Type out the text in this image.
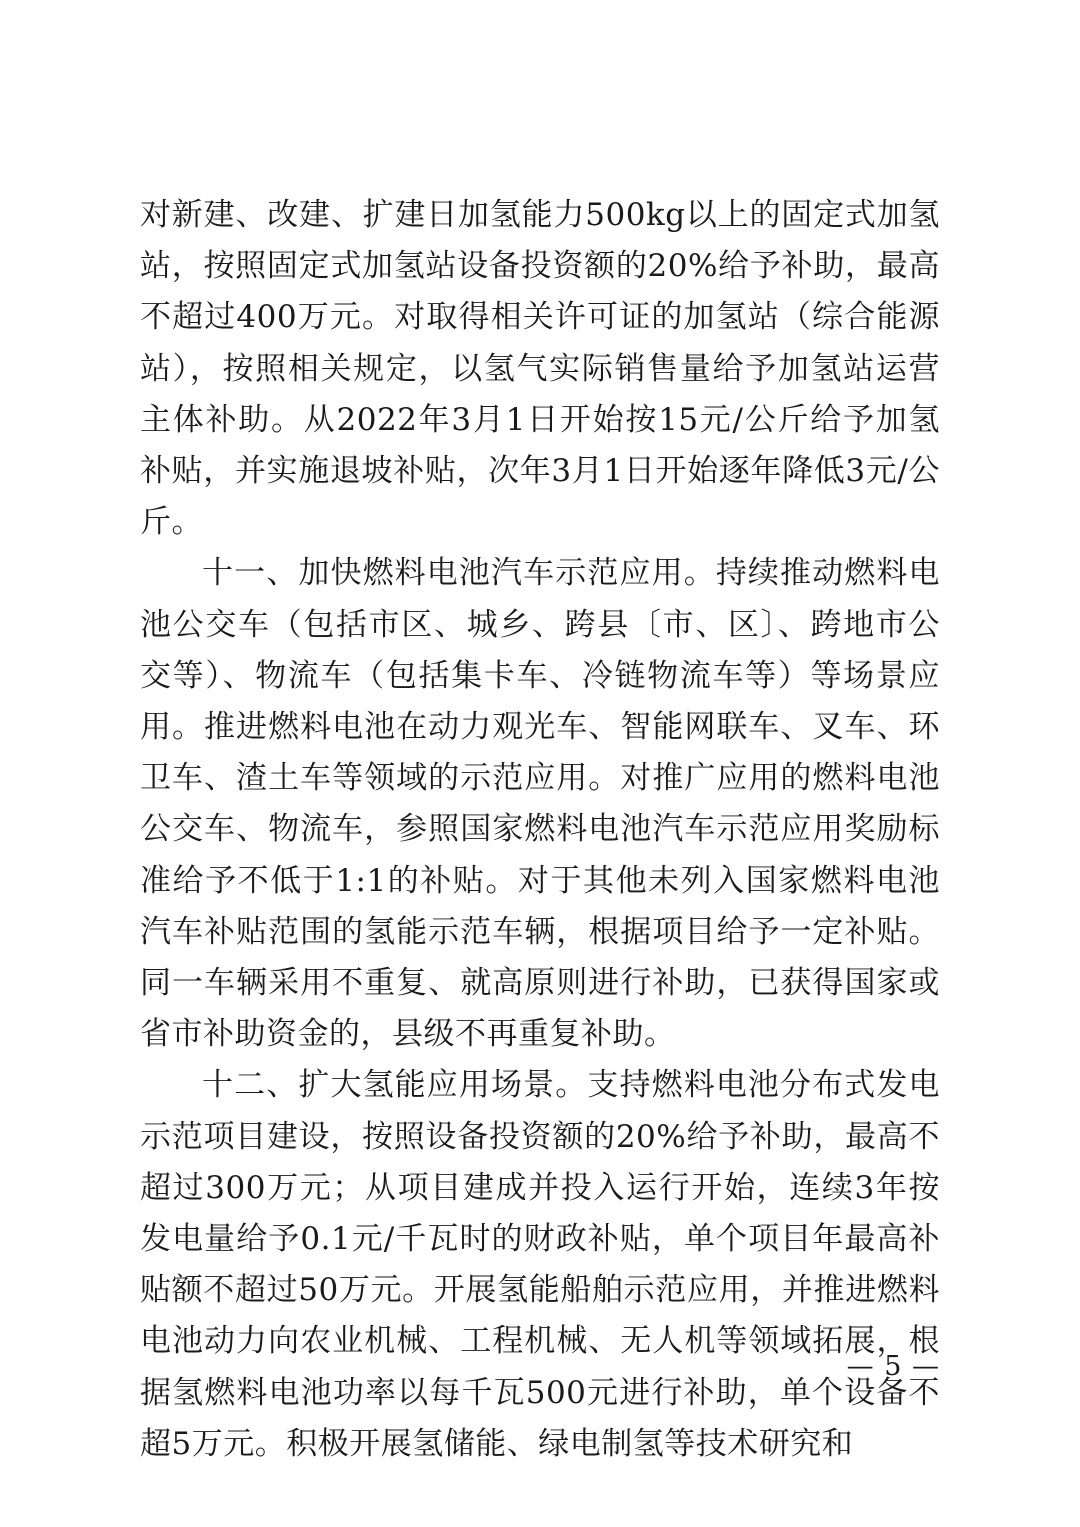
对新建、改建、扩建日加氢能力500kg以上的固定式加氢站，按照固定式加氢站设备投资额的20%给予补助，最高不超过400万元。对取得相关许可证的加氢站（综合能源站），按照相关规定，以氢气实际销售量给予加氢站运营主体补助。从2022年3月1日开始按15元/公斤给予加氢补贴，并实施退坡补贴，次年3月1日开始逐年降低3元/公斤。

十一、加快燃料电池汽车示范应用。持续推动燃料电池公交车（包括市区、城乡、跨县〔市、区〕、跨地市公交等）、物流车（包括集卡车、冷链物流车等）等场景应用。推进燃料电池在动力观光车、智能网联车、叉车、环卫车、渣土车等领域的示范应用。对推广应用的燃料电池公交车、物流车，参照国家燃料电池汽车示范应用奖励标准给予不低于1:1的补贴。对于其他未列入国家燃料电池汽车补贴范围的氢能示范车辆，根据项目给予一定补贴。同一车辆采用不重复、就高原则进行补助，已获得国家或省市补助资金的，县级不再重复补助。

十二、扩大氢能应用场景。支持燃料电池分布式发电示范项目建设，按照设备投资额的20%给予补助，最高不超过300万元；从项目建成并投入运行开始，连续3年按发电量给予0.1元/千瓦时的财政补贴，单个项目年最高补贴额不超过50万元。开展氢能船舶示范应用，并推进燃料电池动力向农业机械、工程机械、无人机等领域拓展，根据氢燃料电池功率以每千瓦500元进行补助，单个设备不超5万元。积极开展氢储能、绿电制氢等技术研究和

— 5 —
